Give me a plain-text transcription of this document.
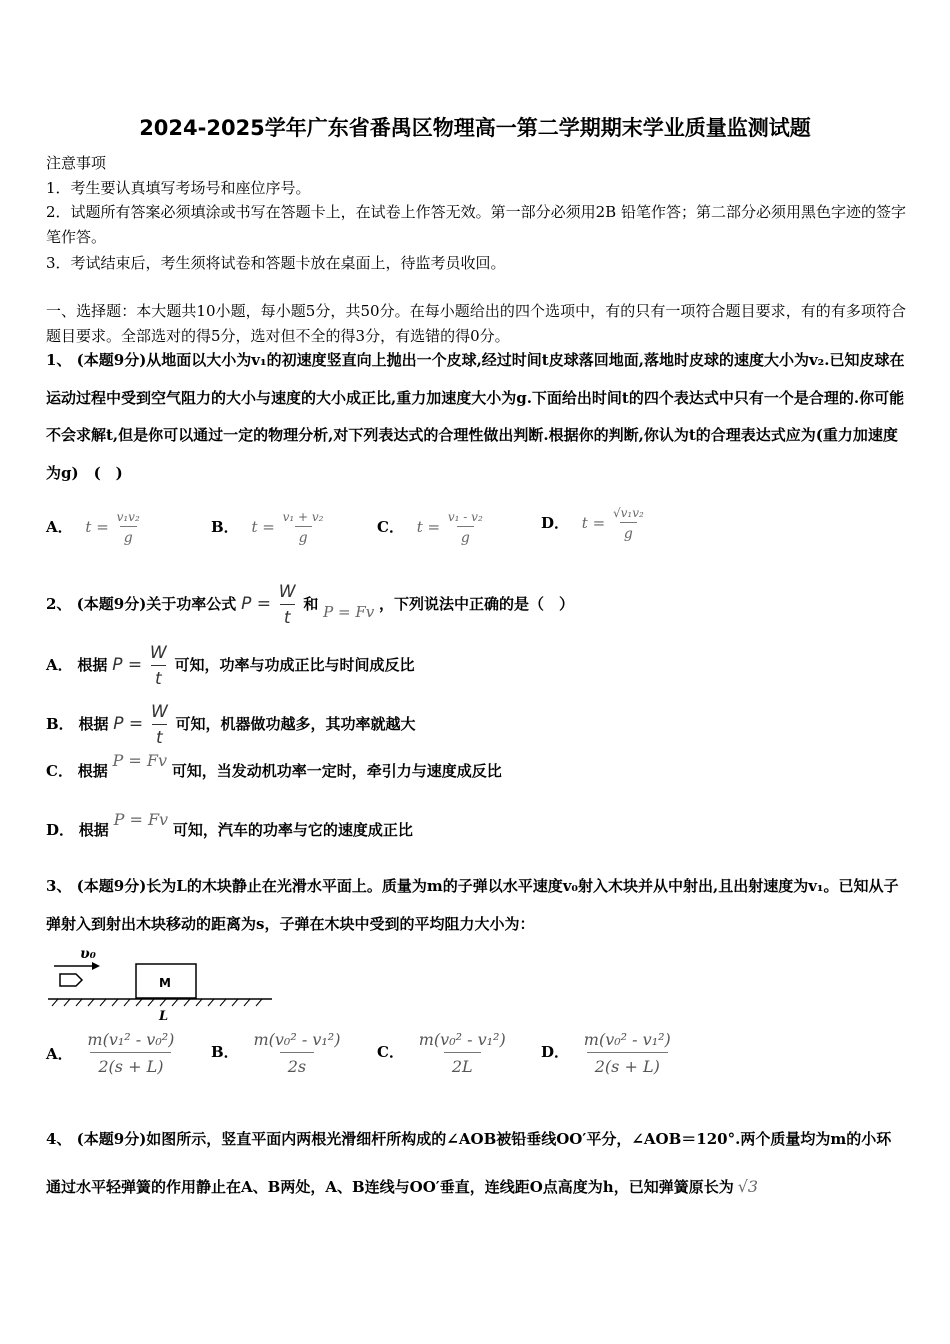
2024-2025学年广东省番禺区物理高一第二学期期末学业质量监测试题
注意事项
1．考生要认真填写考场号和座位序号。
2．试题所有答案必须填涂或书写在答题卡上，在试卷上作答无效。第一部分必须用2B 铅笔作答；第二部分必须用黑色字迹的签字笔作答。
3．考试结束后，考生须将试卷和答题卡放在桌面上，待监考员收回。
一、选择题：本大题共10小题，每小题5分，共50分。在每小题给出的四个选项中，有的只有一项符合题目要求，有的有多项符合题目要求。全部选对的得5分，选对但不全的得3分，有选错的得0分。
1、 (本题9分)从地面以大小为v₁的初速度竖直向上抛出一个皮球,经过时间t皮球落回地面,落地时皮球的速度大小为v₂.已知皮球在运动过程中受到空气阻力的大小与速度的大小成正比,重力加速度大小为g.下面给出时间t的四个表达式中只有一个是合理的.你可能不会求解t,但是你可以通过一定的物理分析,对下列表达式的合理性做出判断.根据你的判断,你认为t的合理表达式应为(重力加速度为g)　(　)
A． $t = \frac{\text{v₁v₂}}{g}$	B． $t = \frac{\text{v₁ + v₂}}{g}$	C． $t = \frac{\text{v₁ - v₂}}{g}$	D． $t = \frac{\text{√v₁v₂}}{g}$
2、 (本题9分)关于功率公式 $P = \frac{W}{t}$ 和 P = Fv ，下列说法中正确的是（　）
A． 根据 $P = \frac{W}{t}$ 可知，功率与功成正比与时间成反比
B． 根据 $P = \frac{W}{t}$ 可知，机器做功越多，其功率就越大
C． 根据 P = Fv 可知，当发动机功率一定时，牵引力与速度成反比
D． 根据 P = Fv 可知，汽车的功率与它的速度成正比
3、 (本题9分)长为L的木块静止在光滑水平面上。质量为m的子弹以水平速度v₀射入木块并从中射出,且出射速度为v₁。已知从子弹射入到射出木块移动的距离为s，子弹在木块中受到的平均阻力大小为：
υ₀
M
L
A． $\frac{\text{m(v₁² - v₀²)}}{2(s + L)}$ B． $\frac{\text{m(v₀² - v₁²)}}{2s}$ C． $\frac{\text{m(v₀² - v₁²)}}{2L}$ D． $\frac{\text{m(v₀² - v₁²)}}{2(s + L)}$
4、 (本题9分)如图所示，竖直平面内两根光滑细杆所构成的∠AOB被铅垂线OO′平分，∠AOB＝120°.两个质量均为m的小环通过水平轻弹簧的作用静止在A、B两处，A、B连线与OO′垂直，连线距O点高度为h，已知弹簧原长为 √3
